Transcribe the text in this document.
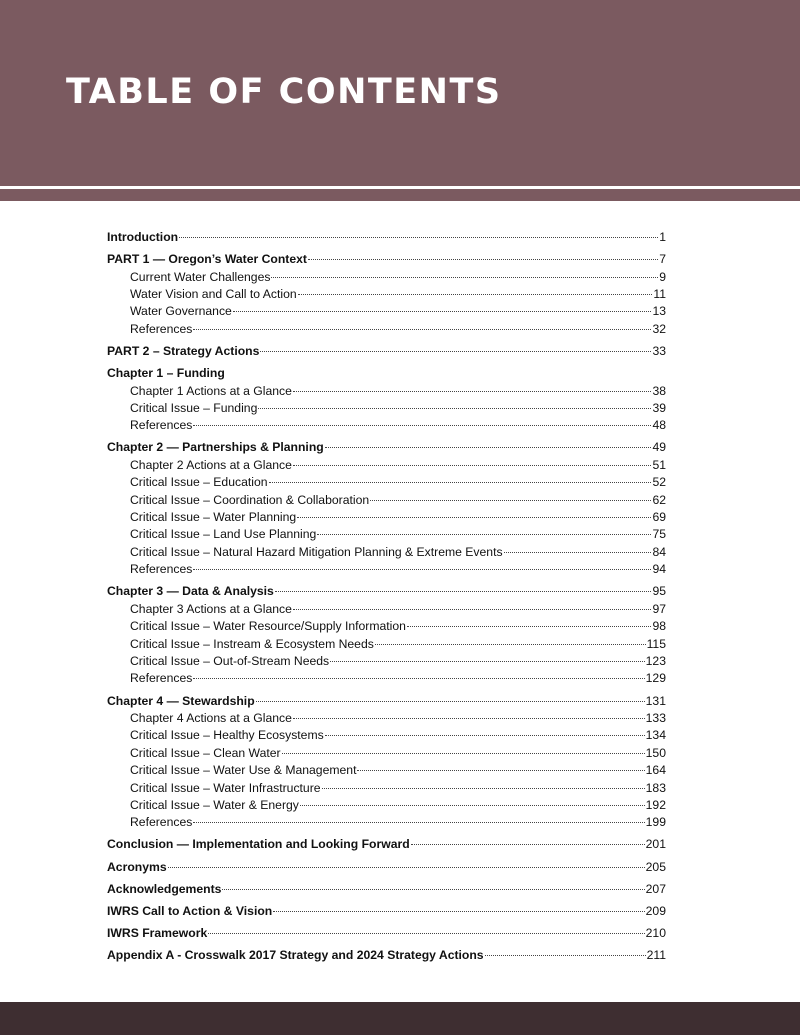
TABLE OF CONTENTS
Introduction	1
PART 1 — Oregon’s Water Context	7
Current Water Challenges	9
Water Vision and Call to Action	11
Water Governance	13
References	32
PART 2 – Strategy Actions	33
Chapter 1 – Funding
Chapter 1 Actions at a Glance	38
Critical Issue – Funding	39
References	48
Chapter 2 — Partnerships & Planning	49
Chapter 2 Actions at a Glance	51
Critical Issue – Education	52
Critical Issue – Coordination & Collaboration	62
Critical Issue – Water Planning	69
Critical Issue – Land Use Planning	75
Critical Issue – Natural Hazard Mitigation Planning & Extreme Events	84
References	94
Chapter 3 — Data & Analysis	95
Chapter 3 Actions at a Glance	97
Critical Issue – Water Resource/Supply Information	98
Critical Issue – Instream & Ecosystem Needs	115
Critical Issue – Out-of-Stream Needs	123
References	129
Chapter 4 — Stewardship	131
Chapter 4 Actions at a Glance	133
Critical Issue – Healthy Ecosystems	134
Critical Issue – Clean Water	150
Critical Issue – Water Use & Management	164
Critical Issue – Water Infrastructure	183
Critical Issue – Water & Energy	192
References	199
Conclusion — Implementation and Looking Forward	201
Acronyms	205
Acknowledgements	207
IWRS Call to Action & Vision	209
IWRS Framework	210
Appendix A - Crosswalk 2017 Strategy and 2024 Strategy Actions	211
